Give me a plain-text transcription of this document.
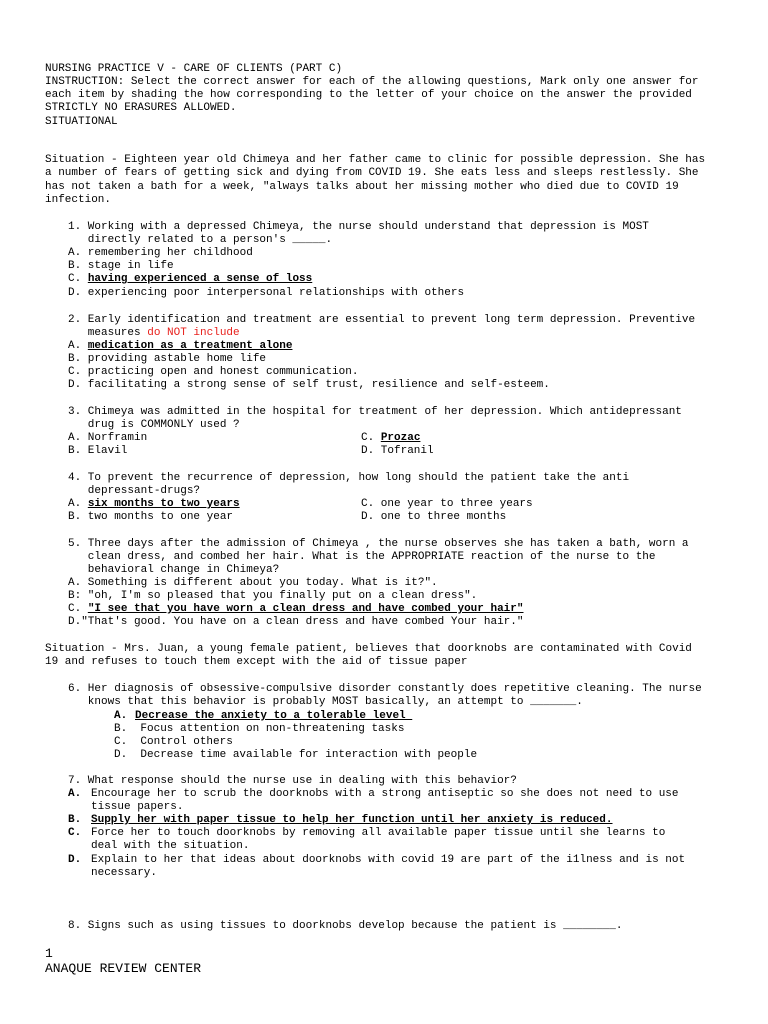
NURSING PRACTICE V - CARE OF CLIENTS (PART C)
INSTRUCTION: Select the correct answer for each of the allowing questions, Mark only one answer for
each item by shading the how corresponding to the letter of your choice on the answer the provided
STRICTLY NO ERASURES ALLOWED.
SITUATIONAL
Situation - Eighteen year old Chimeya and her father came to clinic for possible depression. She has
a number of fears of getting sick and dying from COVID 19. She eats less and sleeps restlessly. She
has not taken a bath for a week, "always talks about her missing mother who died due to COVID 19
infection.
1. Working with a depressed Chimeya, the nurse should understand that depression is MOST
directly related to a person's _____.
A. remembering her childhood
B. stage in life
C. having experienced a sense of loss
D. experiencing poor interpersonal relationships with others
2. Early identification and treatment are essential to prevent long term depression. Preventive
measures do NOT include
A. medication as a treatment alone
B. providing astable home life
C. practicing open and honest communication.
D. facilitating a strong sense of self trust, resilience and self-esteem.
3. Chimeya was admitted in the hospital for treatment of her depression. Which antidepressant
drug is COMMONLY used ?
A. Norframin	C. Prozac
B. Elavil	D. Tofranil
4. To prevent the recurrence of depression, how long should the patient take the anti
depressant-drugs?
A. six months to two years	C. one year to three years
B. two months to one year	D. one to three months
5. Three days after the admission of Chimeya , the nurse observes she has taken a bath, worn a
clean dress, and combed her hair. What is the APPROPRIATE reaction of the nurse to the
behavioral change in Chimeya?
A. Something is different about you today. What is it?".
B: "oh, I'm so pleased that you finally put on a clean dress".
C. "I see that you have worn a clean dress and have combed your hair"
D."That's good. You have on a clean dress and have combed Your hair."
Situation - Mrs. Juan, a young female patient, believes that doorknobs are contaminated with Covid
19 and refuses to touch them except with the aid of tissue paper
6. Her diagnosis of obsessive-compulsive disorder constantly does repetitive cleaning. The nurse
knows that this behavior is probably MOST basically, an attempt to _______.
A. Decrease the anxiety to a tolerable level
B.  Focus attention on non-threatening tasks
C.  Control others
D.  Decrease time available for interaction with people
7. What response should the nurse use in dealing with this behavior?
A. Encourage her to scrub the doorknobs with a strong antiseptic so she does not need to use
tissue papers.
B. Supply her with paper tissue to help her function until her anxiety is reduced.
C. Force her to touch doorknobs by removing all available paper tissue until she learns to
deal with the situation.
D. Explain to her that ideas about doorknobs with covid 19 are part of the i1lness and is not
necessary.
8. Signs such as using tissues to doorknobs develop because the patient is ________.
1
ANAQUE REVIEW CENTER
